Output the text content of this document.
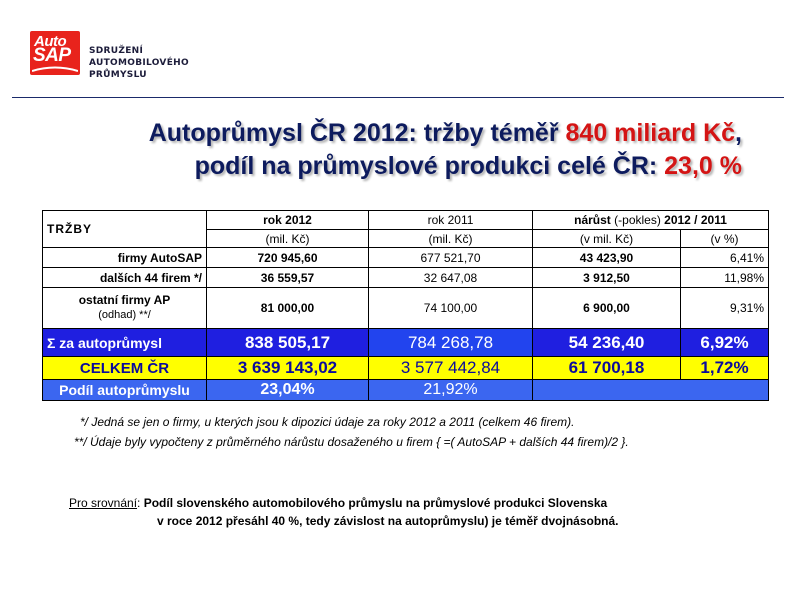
Auto
SAP SDRUŽENÍ
AUTOMOBILOVÉHO
PRŮMYSLU
Autoprůmysl ČR 2012: tržby téměř 840 miliard Kč,
podíl na průmyslové produkci celé ČR: 23,0 %
TRŽBY	rok 2012	rok 2011	nárůst (-pokles) 2012 / 2011	
	(mil. Kč)	(mil. Kč)	(v mil. Kč)	(v %)
firmy AutoSAP	720 945,60	677 521,70	43 423,90	6,41%
dalších 44 firem */	36 559,57	32 647,08	3 912,50	11,98%

ostatní firmy AP
(odhad) **/	81 000,00	74 100,00	6 900,00	9,31%
Σ za autoprůmysl	838 505,17	784 268,78	54 236,40	6,92%
CELKEM ČR	3 639 143,02	3 577 442,84	61 700,18	1,72%
Podíl autoprůmyslu	23,04%	21,92%		
*/ Jedná se jen o firmy, u kterých jsou k dipozici údaje za roky 2012 a 2011 (celkem 46 firem).
**/ Údaje byly vypočteny z průměrného nárůstu dosaženého u firem { =( AutoSAP + dalších 44 firem)/2 }.
Pro srovnání: Podíl slovenského automobilového průmyslu na průmyslové produkci Slovenska
v roce 2012 přesáhl 40 %, tedy závislost na autoprůmyslu) je téměř dvojnásobná.
